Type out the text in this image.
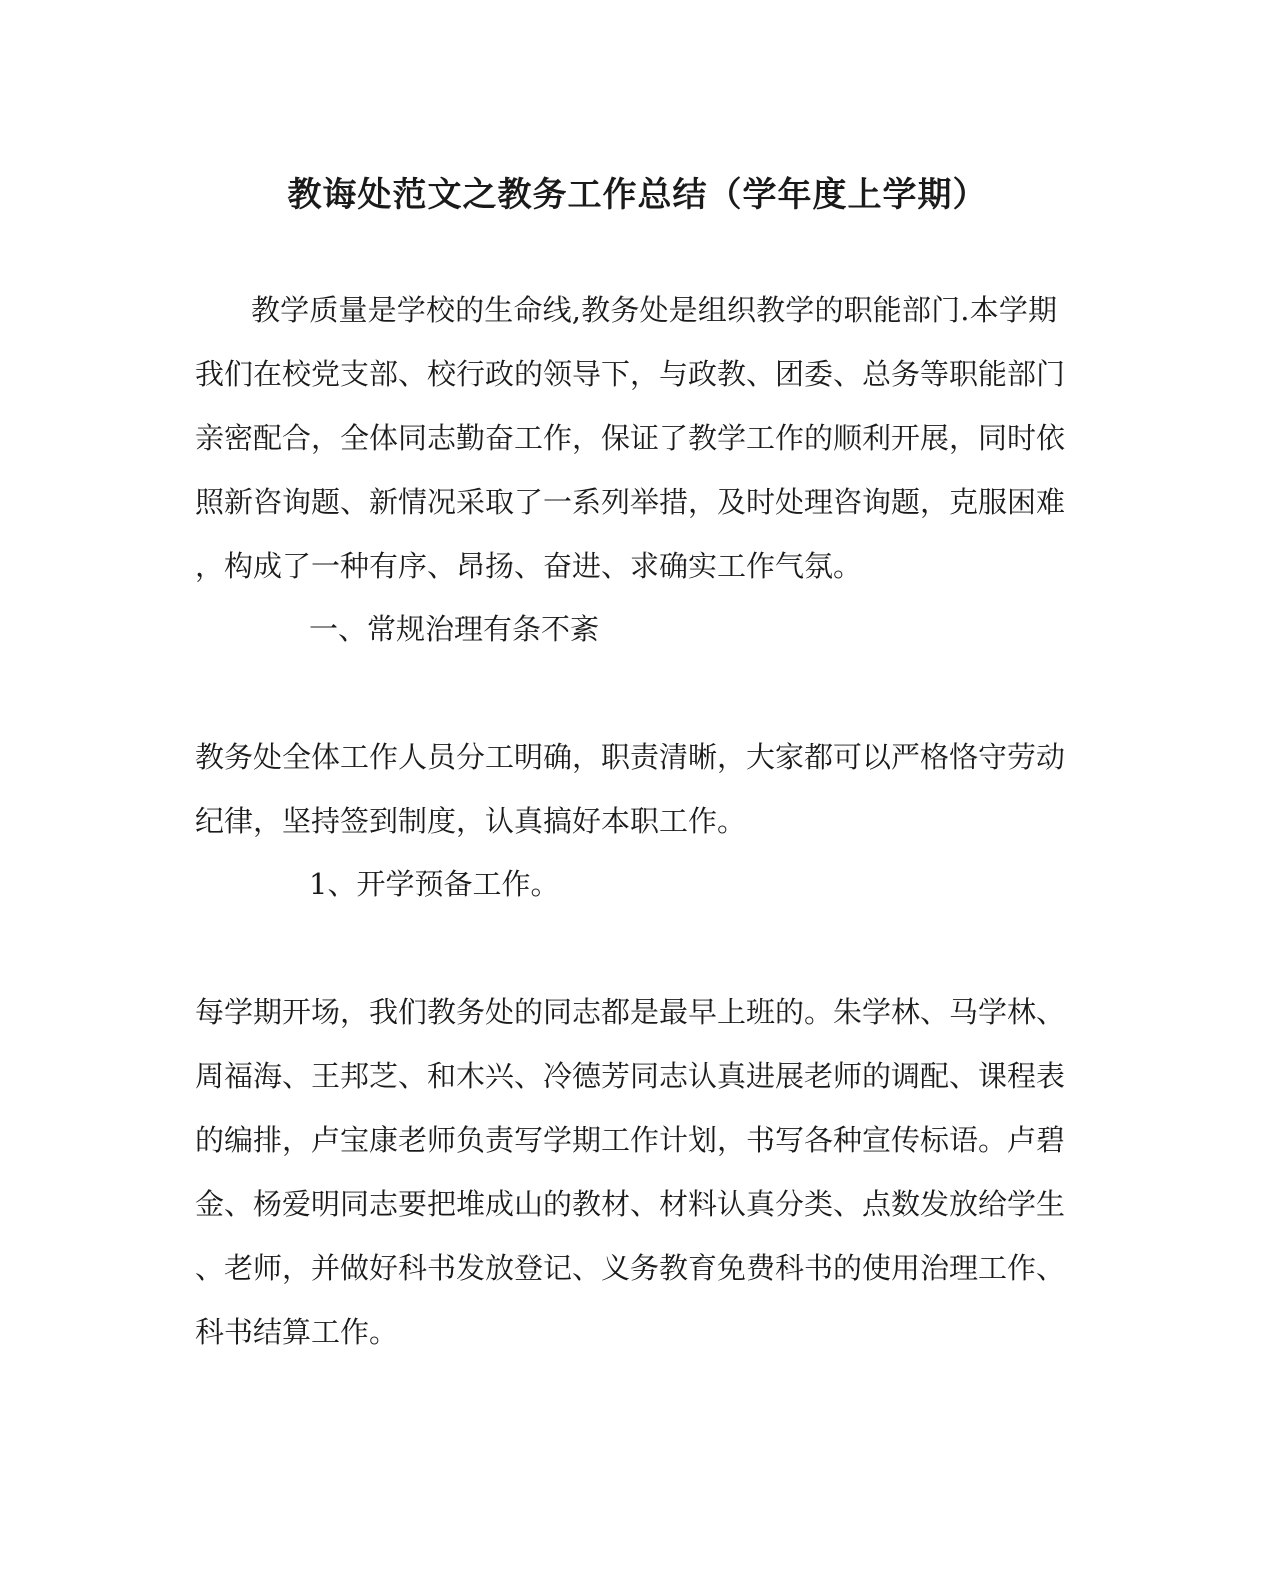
教诲处范文之教务工作总结（学年度上学期）
教学质量是学校的生命线,教务处是组织教学的职能部门.本学期
我们在校党支部、校行政的领导下，与政教、团委、总务等职能部门
亲密配合，全体同志勤奋工作，保证了教学工作的顺利开展，同时依
照新咨询题、新情况采取了一系列举措，及时处理咨询题，克服困难
，构成了一种有序、昂扬、奋进、求确实工作气氛。
一、常规治理有条不紊
教务处全体工作人员分工明确，职责清晰，大家都可以严格恪守劳动
纪律，坚持签到制度，认真搞好本职工作。
1、开学预备工作。
每学期开场，我们教务处的同志都是最早上班的。朱学林、马学林、
周福海、王邦芝、和木兴、冷德芳同志认真进展老师的调配、课程表
的编排，卢宝康老师负责写学期工作计划，书写各种宣传标语。卢碧
金、杨爱明同志要把堆成山的教材、材料认真分类、点数发放给学生
、老师，并做好科书发放登记、义务教育免费科书的使用治理工作、
科书结算工作。
